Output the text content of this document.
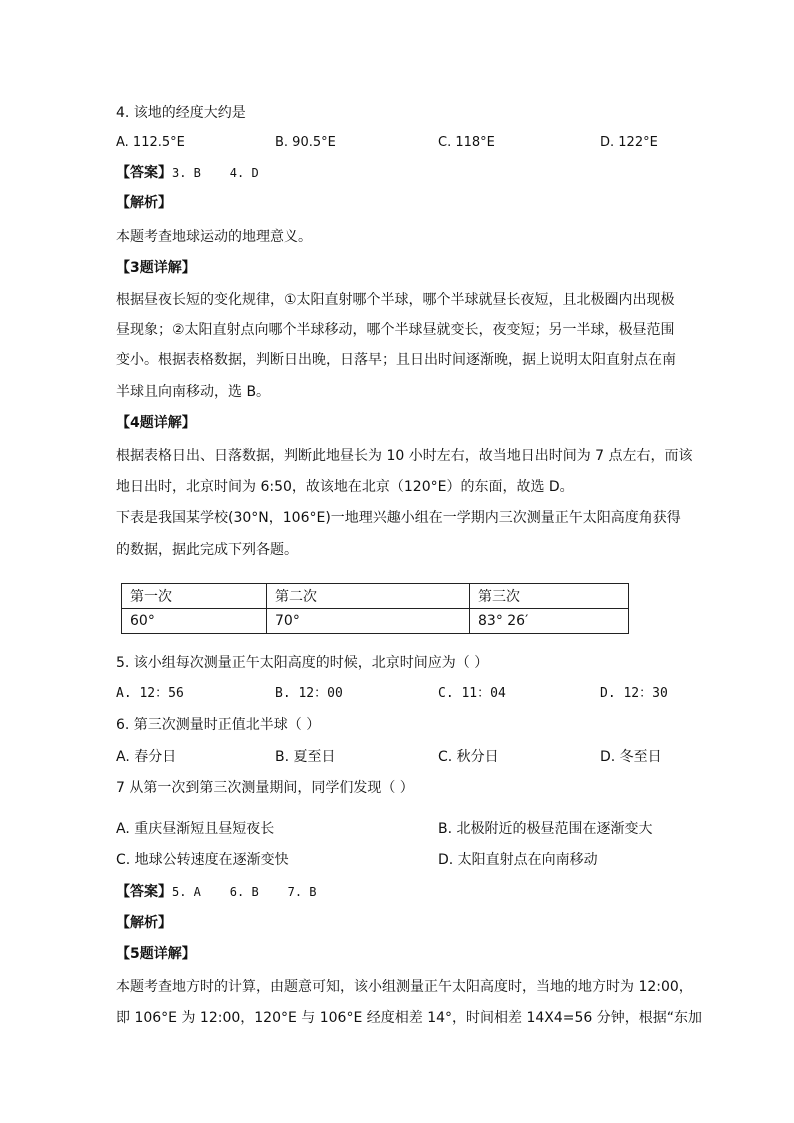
4. 该地的经度大约是
A. 112.5°E	B. 90.5°E	C. 118°E	D. 122°E
【答案】3. B    4. D
【解析】
本题考查地球运动的地理意义。
【3题详解】
根据昼夜长短的变化规律，①太阳直射哪个半球，哪个半球就昼长夜短，且北极圈内出现极
昼现象；②太阳直射点向哪个半球移动，哪个半球昼就变长，夜变短；另一半球，极昼范围
变小。根据表格数据，判断日出晚，日落早；且日出时间逐渐晚，据上说明太阳直射点在南
半球且向南移动，选 B。
【4题详解】
根据表格日出、日落数据，判断此地昼长为 10 小时左右，故当地日出时间为 7 点左右，而该
地日出时，北京时间为 6:50，故该地在北京（120°E）的东面，故选 D。
下表是我国某学校(30°N，106°E)一地理兴趣小组在一学期内三次测量正午太阳高度角获得
的数据，据此完成下列各题。
第一次	第二次	第三次
60°	70°	83° 26′
5. 该小组每次测量正午太阳高度的时候，北京时间应为（ ）
A. 12：56	B. 12：00	C. 11：04	D. 12：30
6. 第三次测量时正值北半球（ ）
A. 春分日	B. 夏至日	C. 秋分日	D. 冬至日
7 从第一次到第三次测量期间，同学们发现（ ）
A. 重庆昼渐短且昼短夜长	B. 北极附近的极昼范围在逐渐变大
C. 地球公转速度在逐渐变快	D. 太阳直射点在向南移动
【答案】5. A    6. B    7. B
【解析】
【5题详解】
本题考查地方时的计算，由题意可知，该小组测量正午太阳高度时，当地的地方时为 12:00，
即 106°E 为 12:00，120°E 与 106°E 经度相差 14°，时间相差 14X4=56 分钟，根据“东加
